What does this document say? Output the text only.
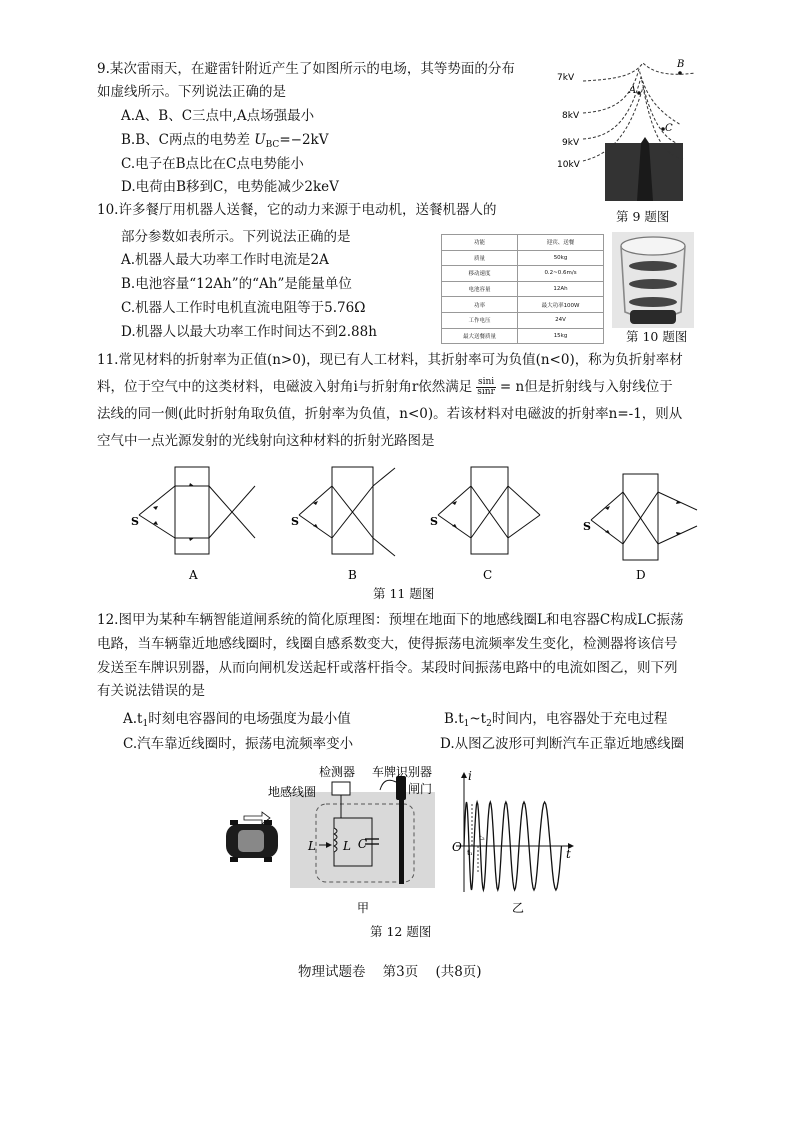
9.某次雷雨天，在避雷针附近产生了如图所示的电场，其等势面的分布
如虚线所示。下列说法正确的是
A.A、B、C三点中,A点场强最小
B.B、C两点的电势差 $U_{BC}=-2kV$
C.电子在B点比在C点电势能小
D.电荷由B移到C，电势能减少2keV
7kV
8kV
9kV
10kV
B
A
C
第 9 题图
10.许多餐厅用机器人送餐，它的动力来源于电动机，送餐机器人的
部分参数如表所示。下列说法正确的是
A.机器人最大功率工作时电流是2A
B.电池容量“12Ah”的“Ah”是能量单位
C.机器人工作时电机直流电阻等于5.76Ω
D.机器人以最大功率工作时间达不到2.88h
功能	迎宾、送餐
质量	50kg
移动速度	0.2~0.6m/s
电池容量	12Ah
功率	最大功率100W
工作电压	24V
最大送餐质量	15kg	第 10 题图
11.常见材料的折射率为正值(n>0)，现已有人工材料，其折射率可为负值(n<0)，称为负折射率材
料，位于空气中的这类材料，电磁波入射角i与折射角r依然满足 $\frac{\sin i}{\sin r} = n$但是折射线与入射线位于
法线的同一侧(此时折射角取负值，折射率为负值，n<0)。若该材料对电磁波的折射率n=-1，则从
空气中一点光源发射的光线射向这种材料的折射光路图是
S
A
S
B
S
C
S
D
第 11 题图
12.图甲为某种车辆智能道闸系统的简化原理图：预埋在地面下的地感线圈L和电容器C构成LC振荡
电路，当车辆靠近地感线圈时，线圈自感系数变大，使得振荡电流频率发生变化，检测器将该信号
发送至车牌识别器，从而向闸机发送起杆或落杆指令。某段时间振荡电路中的电流如图乙，则下列
有关说法错误的是
$A.t_1$时刻电容器间的电场强度为最小值	$B.t_1\sim t_2$时间内，电容器处于充电过程
C.汽车靠近线圈时，振荡电流频率变小	D.从图乙波形可判断汽车正靠近地感线圈
检测器 车牌识别器
闸门
地感线圈
L L C
甲
i
O	t
t₁
t₂
乙
第 12 题图
物理试题卷 第3页 (共8页)
